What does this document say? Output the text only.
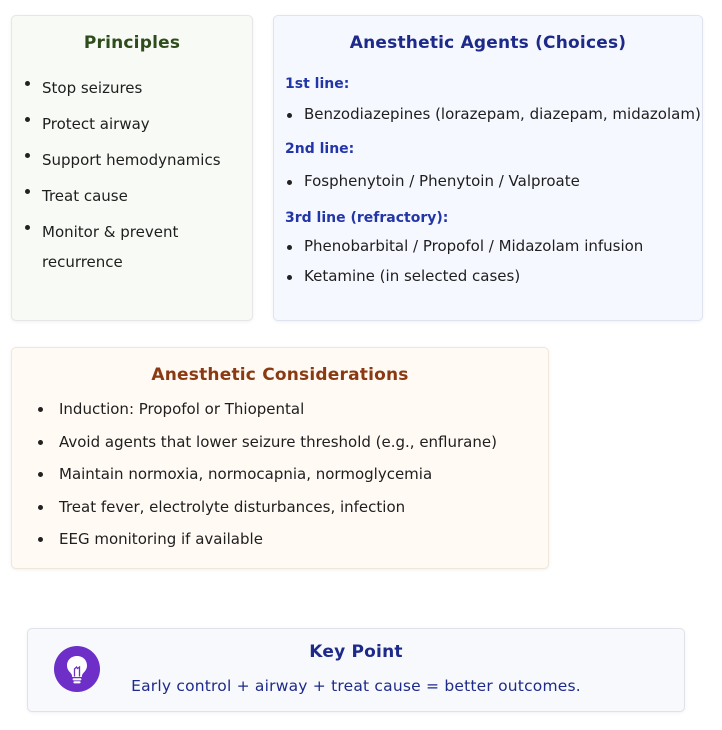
Principles
Stop seizures
Protect airway
Support hemodynamics
Treat cause
Monitor & prevent recurrence
Anesthetic Agents (Choices)
1st line:
Benzodiazepines (lorazepam, diazepam, midazolam)
2nd line:
Fosphenytoin / Phenytoin / Valproate
3rd line (refractory):
Phenobarbital / Propofol / Midazolam infusion
Ketamine (in selected cases)
Anesthetic Considerations
Induction: Propofol or Thiopental
Avoid agents that lower seizure threshold (e.g., enflurane)
Maintain normoxia, normocapnia, normoglycemia
Treat fever, electrolyte disturbances, infection
EEG monitoring if available
Key Point
Early control + airway + treat cause = better outcomes.
